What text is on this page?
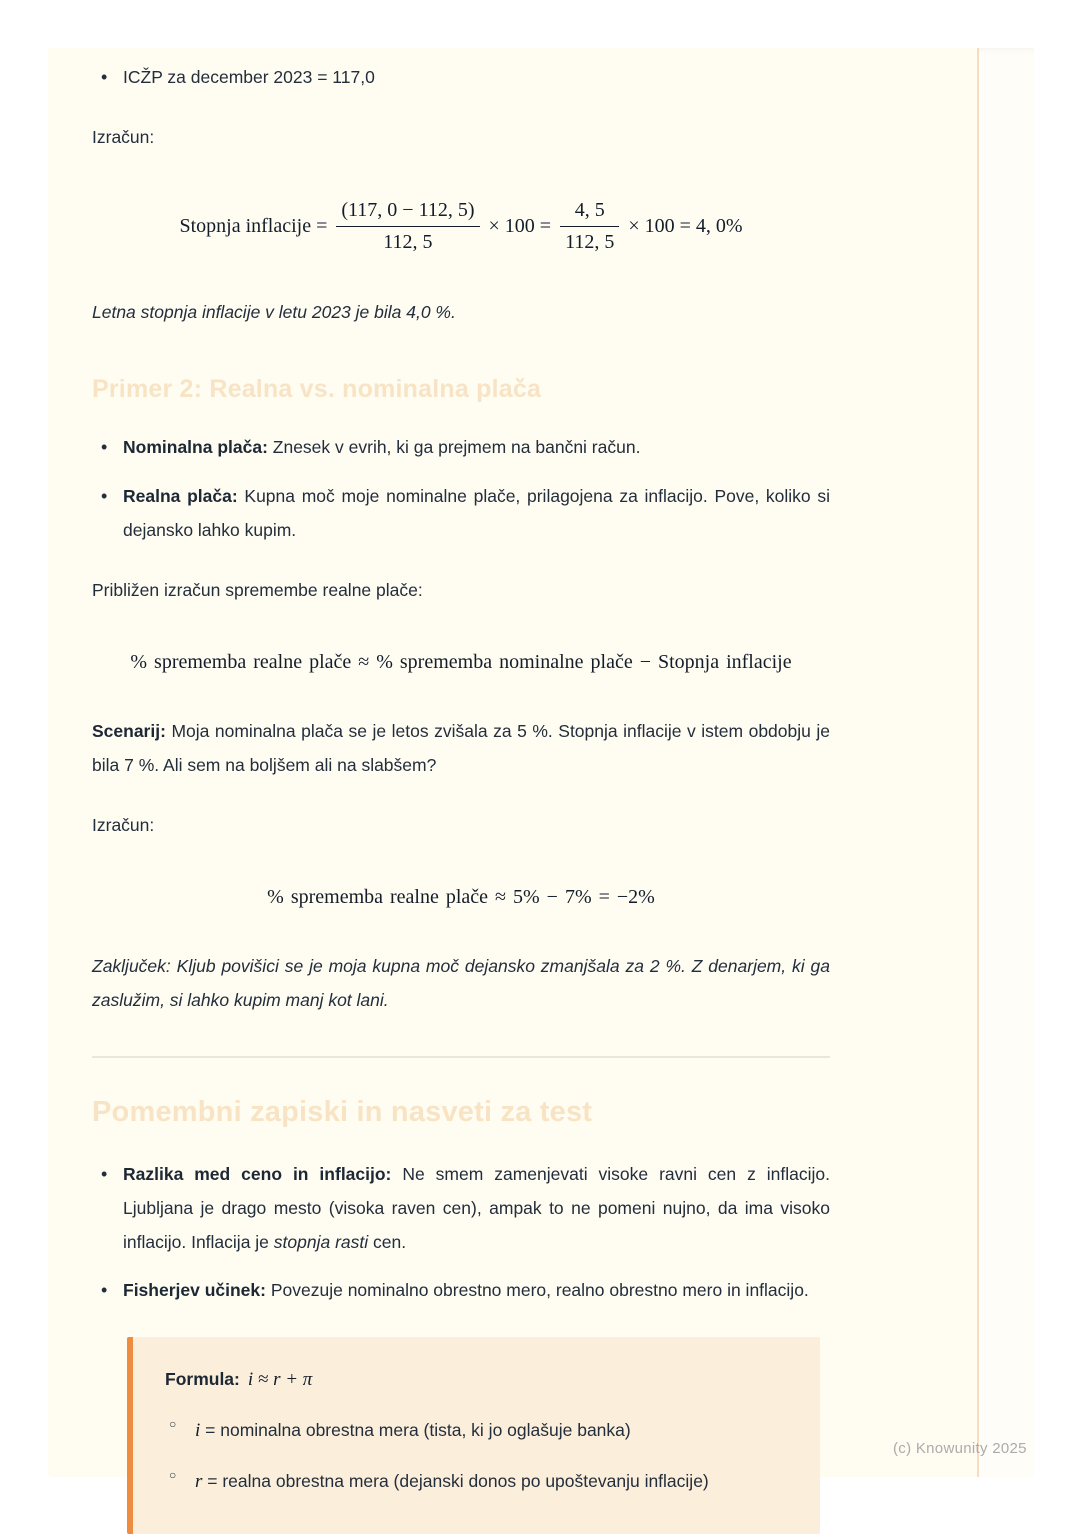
• ICŽP za december 2023 = 117,0

Izračun:

Stopnja inflacije = $\frac{(117, 0 - 112, 5)}{112, 5} \times 100 = \frac{4, 5}{112, 5} \times 100 = 4$, 0%

Letna stopnja inflacije v letu 2023 je bila 4,0 %.

Primer 2: Realna vs. nominalna plača
• Nominalna plača: Znesek v evrih, ki ga prejmem na bančni račun.
• Realna plača: Kupna moč moje nominalne plače, prilagojena za inflacijo. Pove, koliko si dejansko lahko kupim.

Približen izračun spremembe realne plače:

% sprememba realne plače ≈ % sprememba nominalne plače − Stopnja inflacije

Scenarij: Moja nominalna plača se je letos zvišala za 5 %. Stopnja inflacije v istem obdobju je bila 7 %. Ali sem na boljšem ali na slabšem?

Izračun:

% sprememba realne plače ≈ 5% − 7% = −2%

Zaključek: Kljub povišici se je moja kupna moč dejansko zmanjšala za 2 %. Z denarjem, ki ga zaslužim, si lahko kupim manj kot lani.

Pomembni zapiski in nasveti za test
• Razlika med ceno in inflacijo: Ne smem zamenjevati visoke ravni cen z inflacijo. Ljubljana je drago mesto (visoka raven cen), ampak to ne pomeni nujno, da ima visoko inflacijo. Inflacija je stopnja rasti cen.
• Fisherjev učinek: Povezuje nominalno obrestno mero, realno obrestno mero in inflacijo.

Formula: i ≈ r + π

○ i = nominalna obrestna mera (tista, ki jo oglašuje banka)
○ r = realna obrestna mera (dejanski donos po upoštevanju inflacije)
(c) Knowunity 2025
